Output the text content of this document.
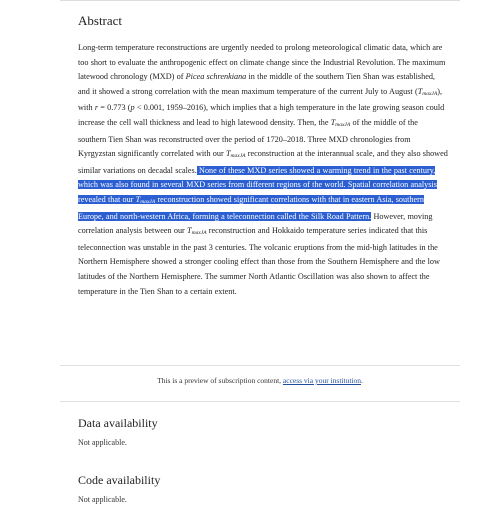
Abstract
Long-term temperature reconstructions are urgently needed to prolong meteorological climatic data, which are too short to evaluate the anthropogenic effect on climate change since the Industrial Revolution. The maximum latewood chronology (MXD) of Picea schrenkiana in the middle of the southern Tien Shan was established, and it showed a strong correlation with the mean maximum temperature of the current July to August (TmaxJA), with r = 0.773 (p < 0.001, 1959–2016), which implies that a high temperature in the late growing season could increase the cell wall thickness and lead to high latewood density. Then, the TmaxJA of the middle of the southern Tien Shan was reconstructed over the period of 1720–2018. Three MXD chronologies from Kyrgyzstan significantly correlated with our TmaxJA reconstruction at the interannual scale, and they also showed similar variations on decadal scales. None of these MXD series showed a warming trend in the past century, which was also found in several MXD series from different regions of the world. Spatial correlation analysis revealed that our TmaxJA reconstruction showed significant correlations with that in eastern Asia, southern Europe, and north-western Africa, forming a teleconnection called the Silk Road Pattern. However, moving correlation analysis between our TmaxJA reconstruction and Hokkaido temperature series indicated that this teleconnection was unstable in the past 3 centuries. The volcanic eruptions from the mid-high latitudes in the Northern Hemisphere showed a stronger cooling effect than those from the Southern Hemisphere and the low latitudes of the Northern Hemisphere. The summer North Atlantic Oscillation was also shown to affect the temperature in the Tien Shan to a certain extent.
This is a preview of subscription content, access via your institution.
Data availability

Not applicable.

Code availability

Not applicable.
